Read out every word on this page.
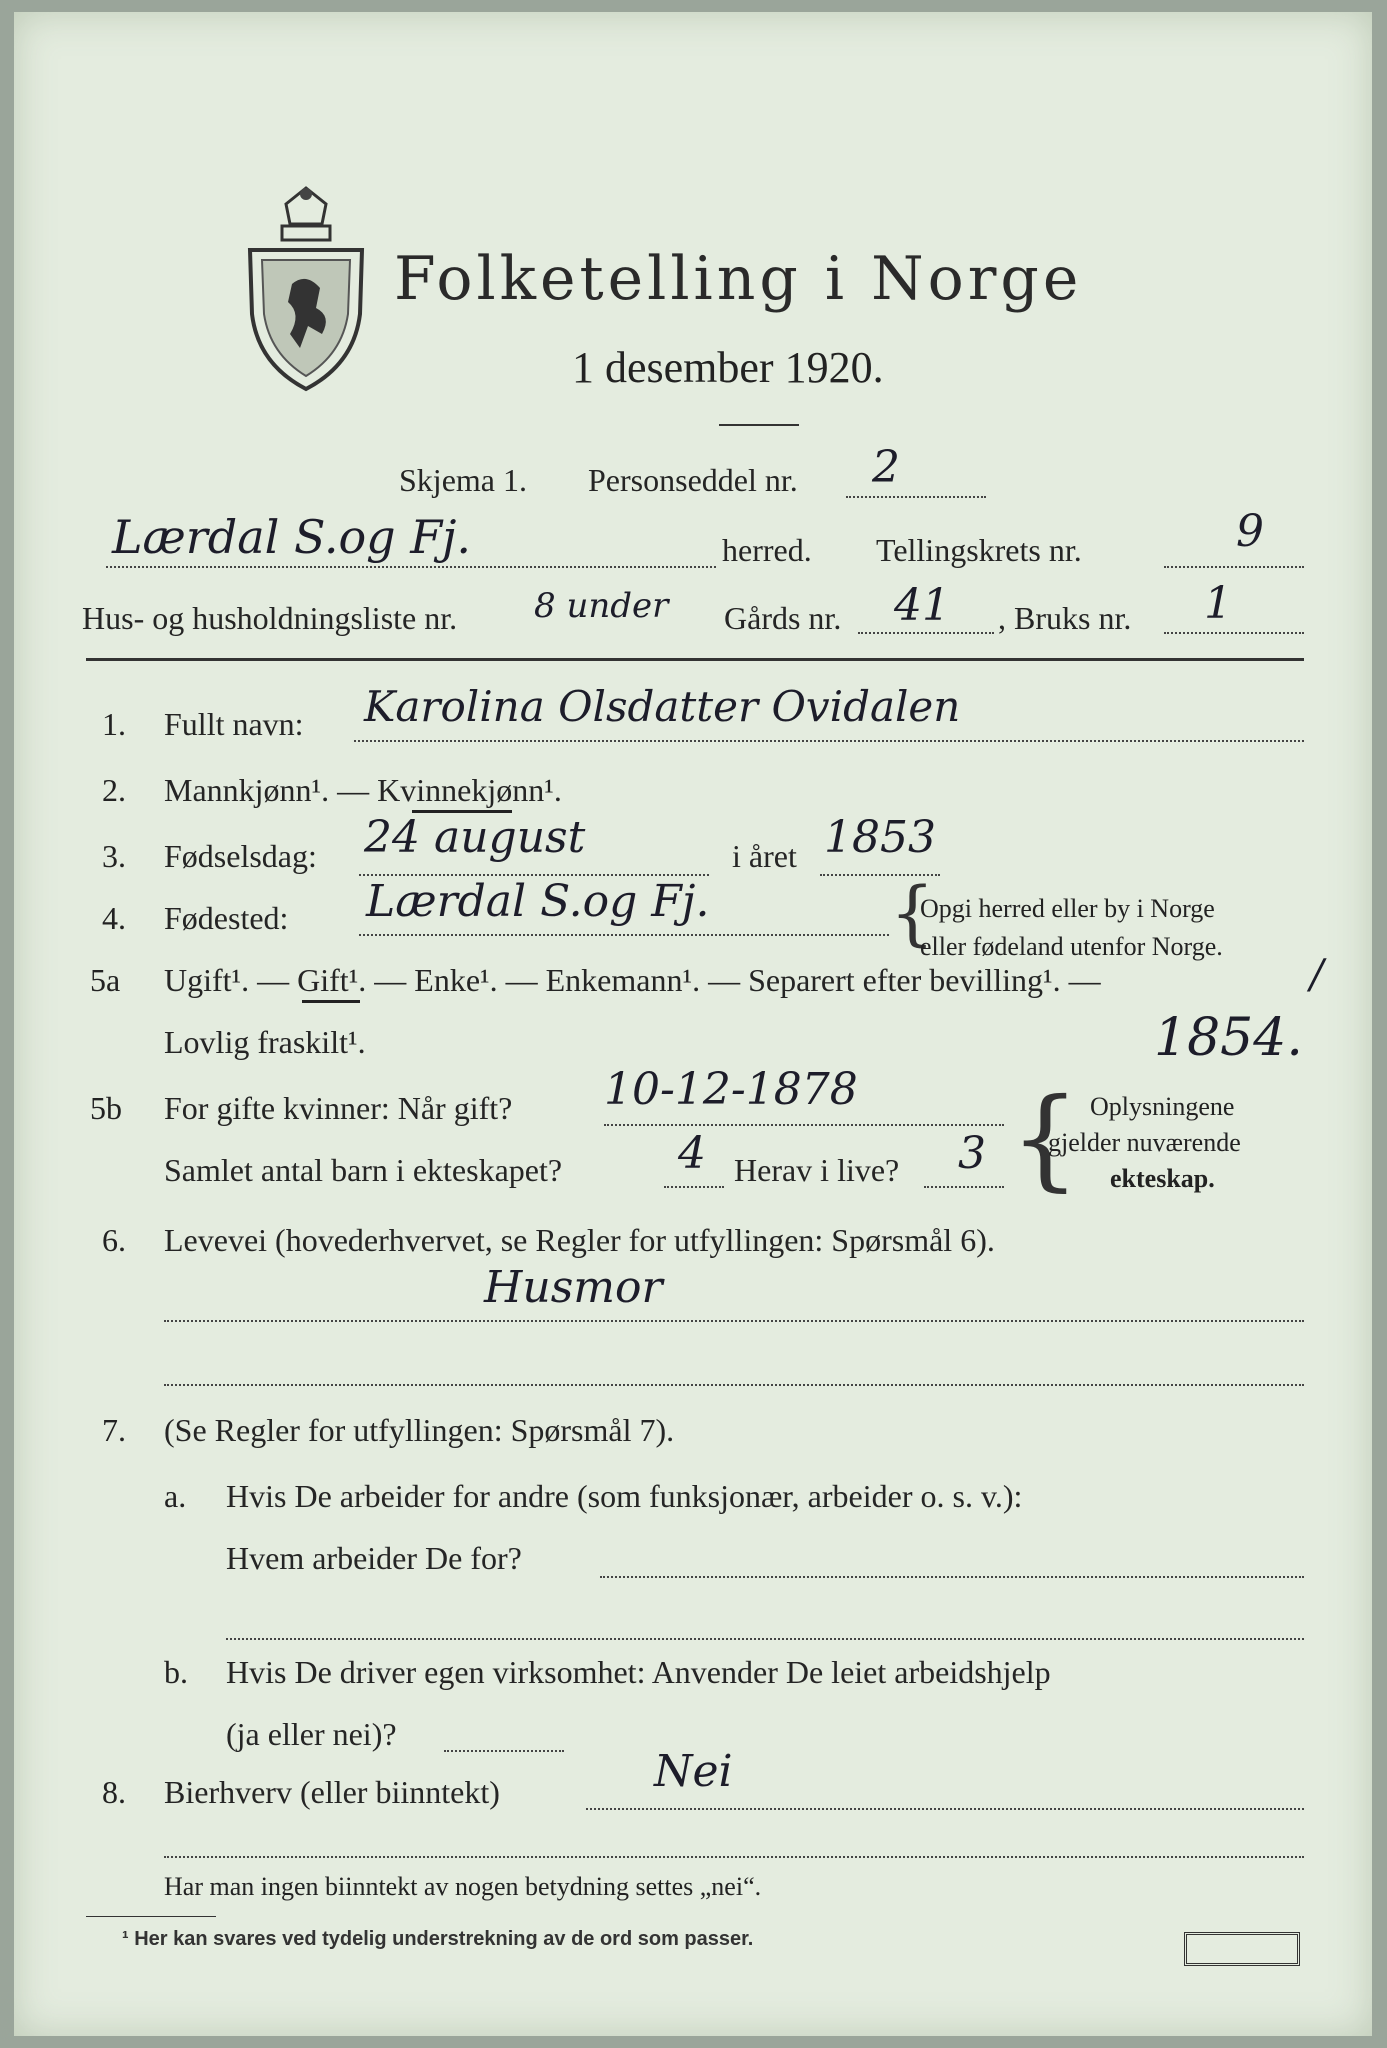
Folketelling i Norge
1 desember 1920.
Skjema 1. Personseddel nr. 2
Lærdal S.og Fj.	herred. Tellingskrets nr.	9
Hus- og husholdningsliste nr. 8 under Gårds nr. 41 , Bruks nr. 1
1. Fullt navn: Karolina Olsdatter Ovidalen
2. Mannkjønn¹. — Kvinnekjønn¹.
3. Fødselsdag: 24 august	i året 1853
4. Fødested: Lærdal S.og Fj.	{
Opgi herred eller by i Norge
eller fødeland utenfor Norge.
5a Ugift¹. — Gift¹. — Enke¹. — Enkemann¹. — Separert efter bevilling¹. —	/
Lovlig fraskilt¹.	1854.
5b For gifte kvinner: Når gift? 10-12-1878
Samlet antal barn i ekteskapet?	4 Herav i live? 3 { Oplysningene
gjelder nuværende
ekteskap.
6. Levevei (hovederhvervet, se Regler for utfyllingen: Spørsmål 6).
Husmor
7. (Se Regler for utfyllingen: Spørsmål 7).
a. Hvis De arbeider for andre (som funksjonær, arbeider o. s. v.):
Hvem arbeider De for?
b. Hvis De driver egen virksomhet: Anvender De leiet arbeidshjelp
(ja eller nei)?
8. Bierhverv (eller biinntekt)	Nei
Har man ingen biinntekt av nogen betydning settes „nei“.
¹ Her kan svares ved tydelig understrekning av de ord som passer.
